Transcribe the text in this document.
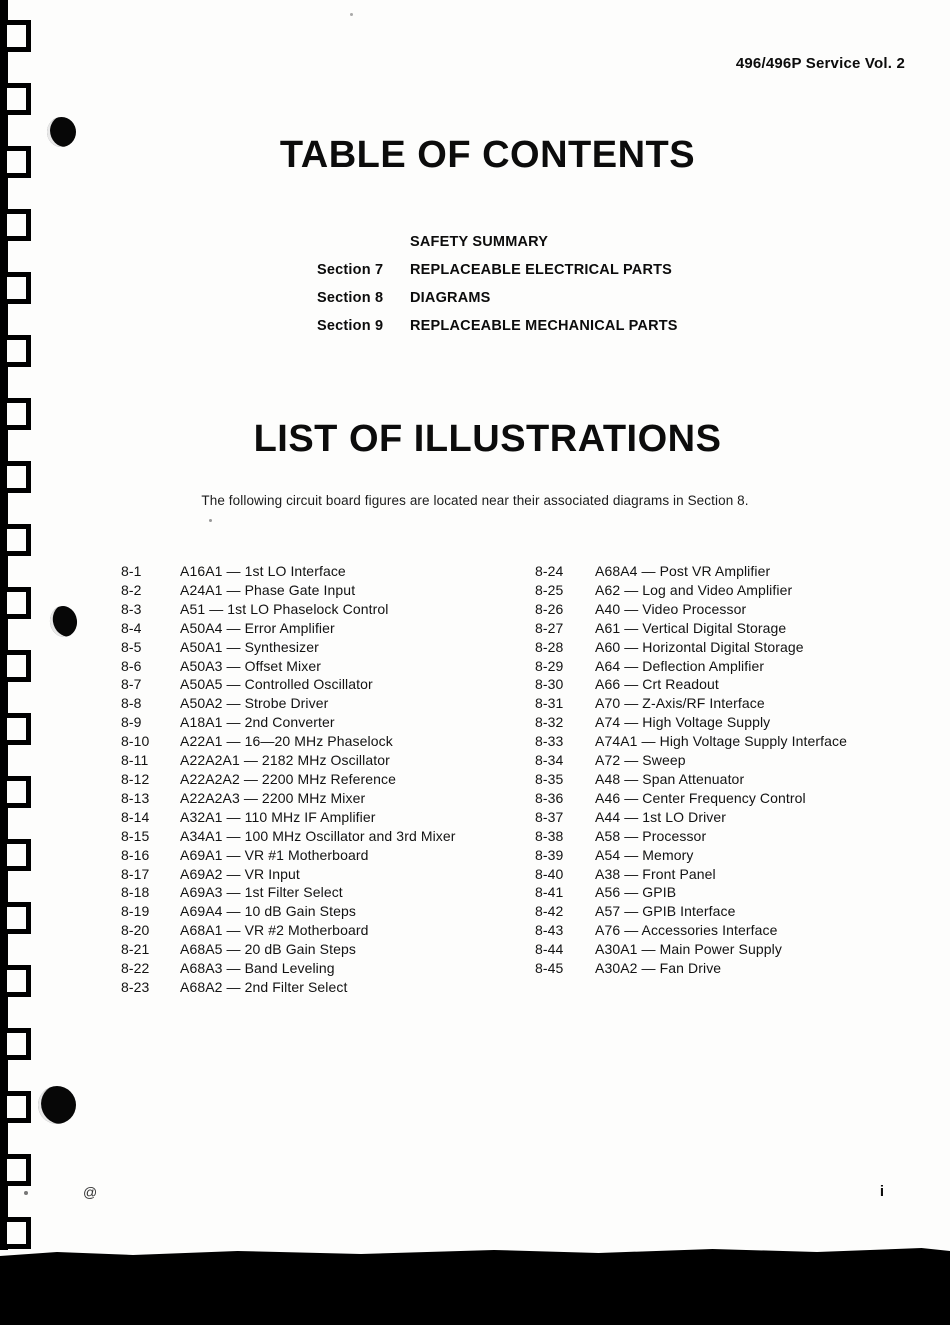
496/496P Service Vol. 2
TABLE OF CONTENTS
SAFETY SUMMARY
Section 7	REPLACEABLE ELECTRICAL PARTS
Section 8	DIAGRAMS
Section 9	REPLACEABLE MECHANICAL PARTS
LIST OF ILLUSTRATIONS
The following circuit board figures are located near their associated diagrams in Section 8.
8-1	A16A1 — 1st LO Interface
8-2	A24A1 — Phase Gate Input
8-3	A51 — 1st LO Phaselock Control
8-4	A50A4 — Error Amplifier
8-5	A50A1 — Synthesizer
8-6	A50A3 — Offset Mixer
8-7	A50A5 — Controlled Oscillator
8-8	A50A2 — Strobe Driver
8-9	A18A1 — 2nd Converter
8-10	A22A1 — 16—20 MHz Phaselock
8-11	A22A2A1 — 2182 MHz Oscillator
8-12	A22A2A2 — 2200 MHz Reference
8-13	A22A2A3 — 2200 MHz Mixer
8-14	A32A1 — 110 MHz IF Amplifier
8-15	A34A1 — 100 MHz Oscillator and 3rd Mixer
8-16	A69A1 — VR #1 Motherboard
8-17	A69A2 — VR Input
8-18	A69A3 — 1st Filter Select
8-19	A69A4 — 10 dB Gain Steps
8-20	A68A1 — VR #2 Motherboard
8-21	A68A5 — 20 dB Gain Steps
8-22	A68A3 — Band Leveling
8-23	A68A2 — 2nd Filter Select
8-24	A68A4 — Post VR Amplifier
8-25	A62 — Log and Video Amplifier
8-26	A40 — Video Processor
8-27	A61 — Vertical Digital Storage
8-28	A60 — Horizontal Digital Storage
8-29	A64 — Deflection Amplifier
8-30	A66 — Crt Readout
8-31	A70 — Z-Axis/RF Interface
8-32	A74 — High Voltage Supply
8-33	A74A1 — High Voltage Supply Interface
8-34	A72 — Sweep
8-35	A48 — Span Attenuator
8-36	A46 — Center Frequency Control
8-37	A44 — 1st LO Driver
8-38	A58 — Processor
8-39	A54 — Memory
8-40	A38 — Front Panel
8-41	A56 — GPIB
8-42	A57 — GPIB Interface
8-43	A76 — Accessories Interface
8-44	A30A1 — Main Power Supply
8-45	A30A2 — Fan Drive
@	i
